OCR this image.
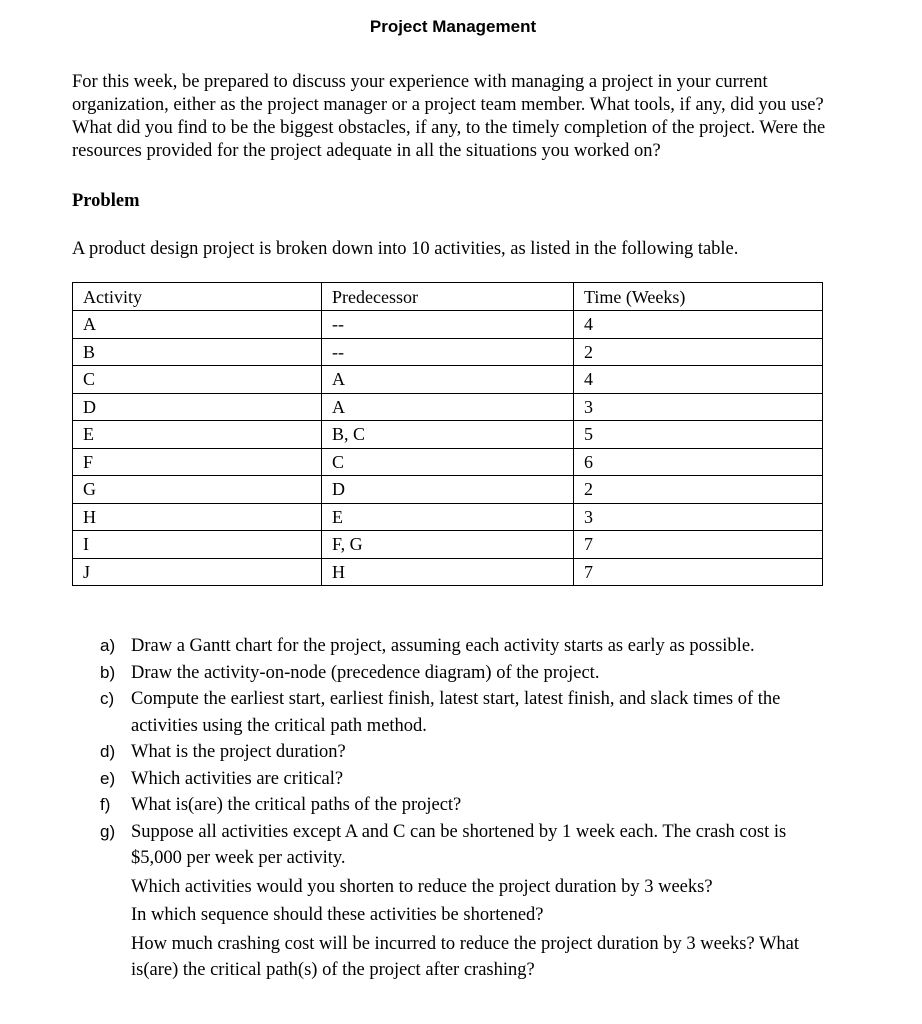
Project Management

For this week, be prepared to discuss your experience with managing a project in your current organization, either as the project manager or a project team member. What tools, if any, did you use? What did you find to be the biggest obstacles, if any, to the timely completion of the project. Were the resources provided for the project adequate in all the situations you worked on?

Problem
A product design project is broken down into 10 activities, as listed in the following table.
Activity	Predecessor	Time (Weeks)
A	--	4
B	--	2
C	A	4
D	A	3
E	B, C	5
F	C	6
G	D	2
H	E	3
I	F, G	7
J	H	7
a) Draw a Gantt chart for the project, assuming each activity starts as early as possible.
b) Draw the activity-on-node (precedence diagram) of the project.
c) Compute the earliest start, earliest finish, latest start, latest finish, and slack times of the activities using the critical path method.
d) What is the project duration?
e) Which activities are critical?
f) What is(are) the critical paths of the project?
g) Suppose all activities except A and C can be shortened by 1 week each. The crash cost is $5,000 per week per activity.
Which activities would you shorten to reduce the project duration by 3 weeks?
In which sequence should these activities be shortened?
How much crashing cost will be incurred to reduce the project duration by 3 weeks? What is(are) the critical path(s) of the project after crashing?
